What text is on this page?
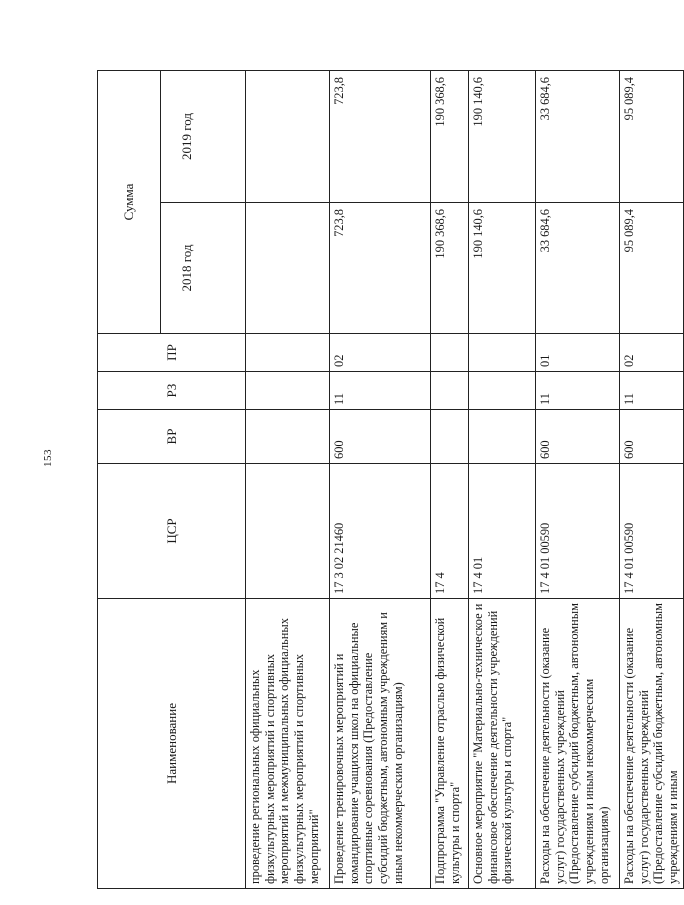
153
Наименование	ЦСР	ВР	РЗ	ПР	Сумма	
					2018 год	2019 год
проведение региональных официальных физкультурных мероприятий и спортивных мероприятий и межмуниципальных официальных физкультурных мероприятий и спортивных мероприятий"						
Проведение тренировочных мероприятий и командирование учащихся школ на официальные спортивные соревнования (Предоставление субсидий бюджетным, автономным учреждениям и иным некоммерческим организациям)	17 3 02 21460	600	11	02	723,8	723,8
Подпрограмма "Управление отраслью физической культуры и спорта"	17 4				190 368,6	190 368,6
Основное мероприятие "Материально-техническое и финансовое обеспечение деятельности учреждений физической культуры и спорта"	17 4 01				190 140,6	190 140,6
Расходы на обеспечение деятельности (оказание услуг) государственных учреждений (Предоставление субсидий бюджетным, автономным учреждениям и иным некоммерческим организациям)	17 4 01 00590	600	11	01	33 684,6	33 684,6
Расходы на обеспечение деятельности (оказание услуг) государственных учреждений (Предоставление субсидий бюджетным, автономным учреждениям и иным	17 4 01 00590	600	11	02	95 089,4	95 089,4
